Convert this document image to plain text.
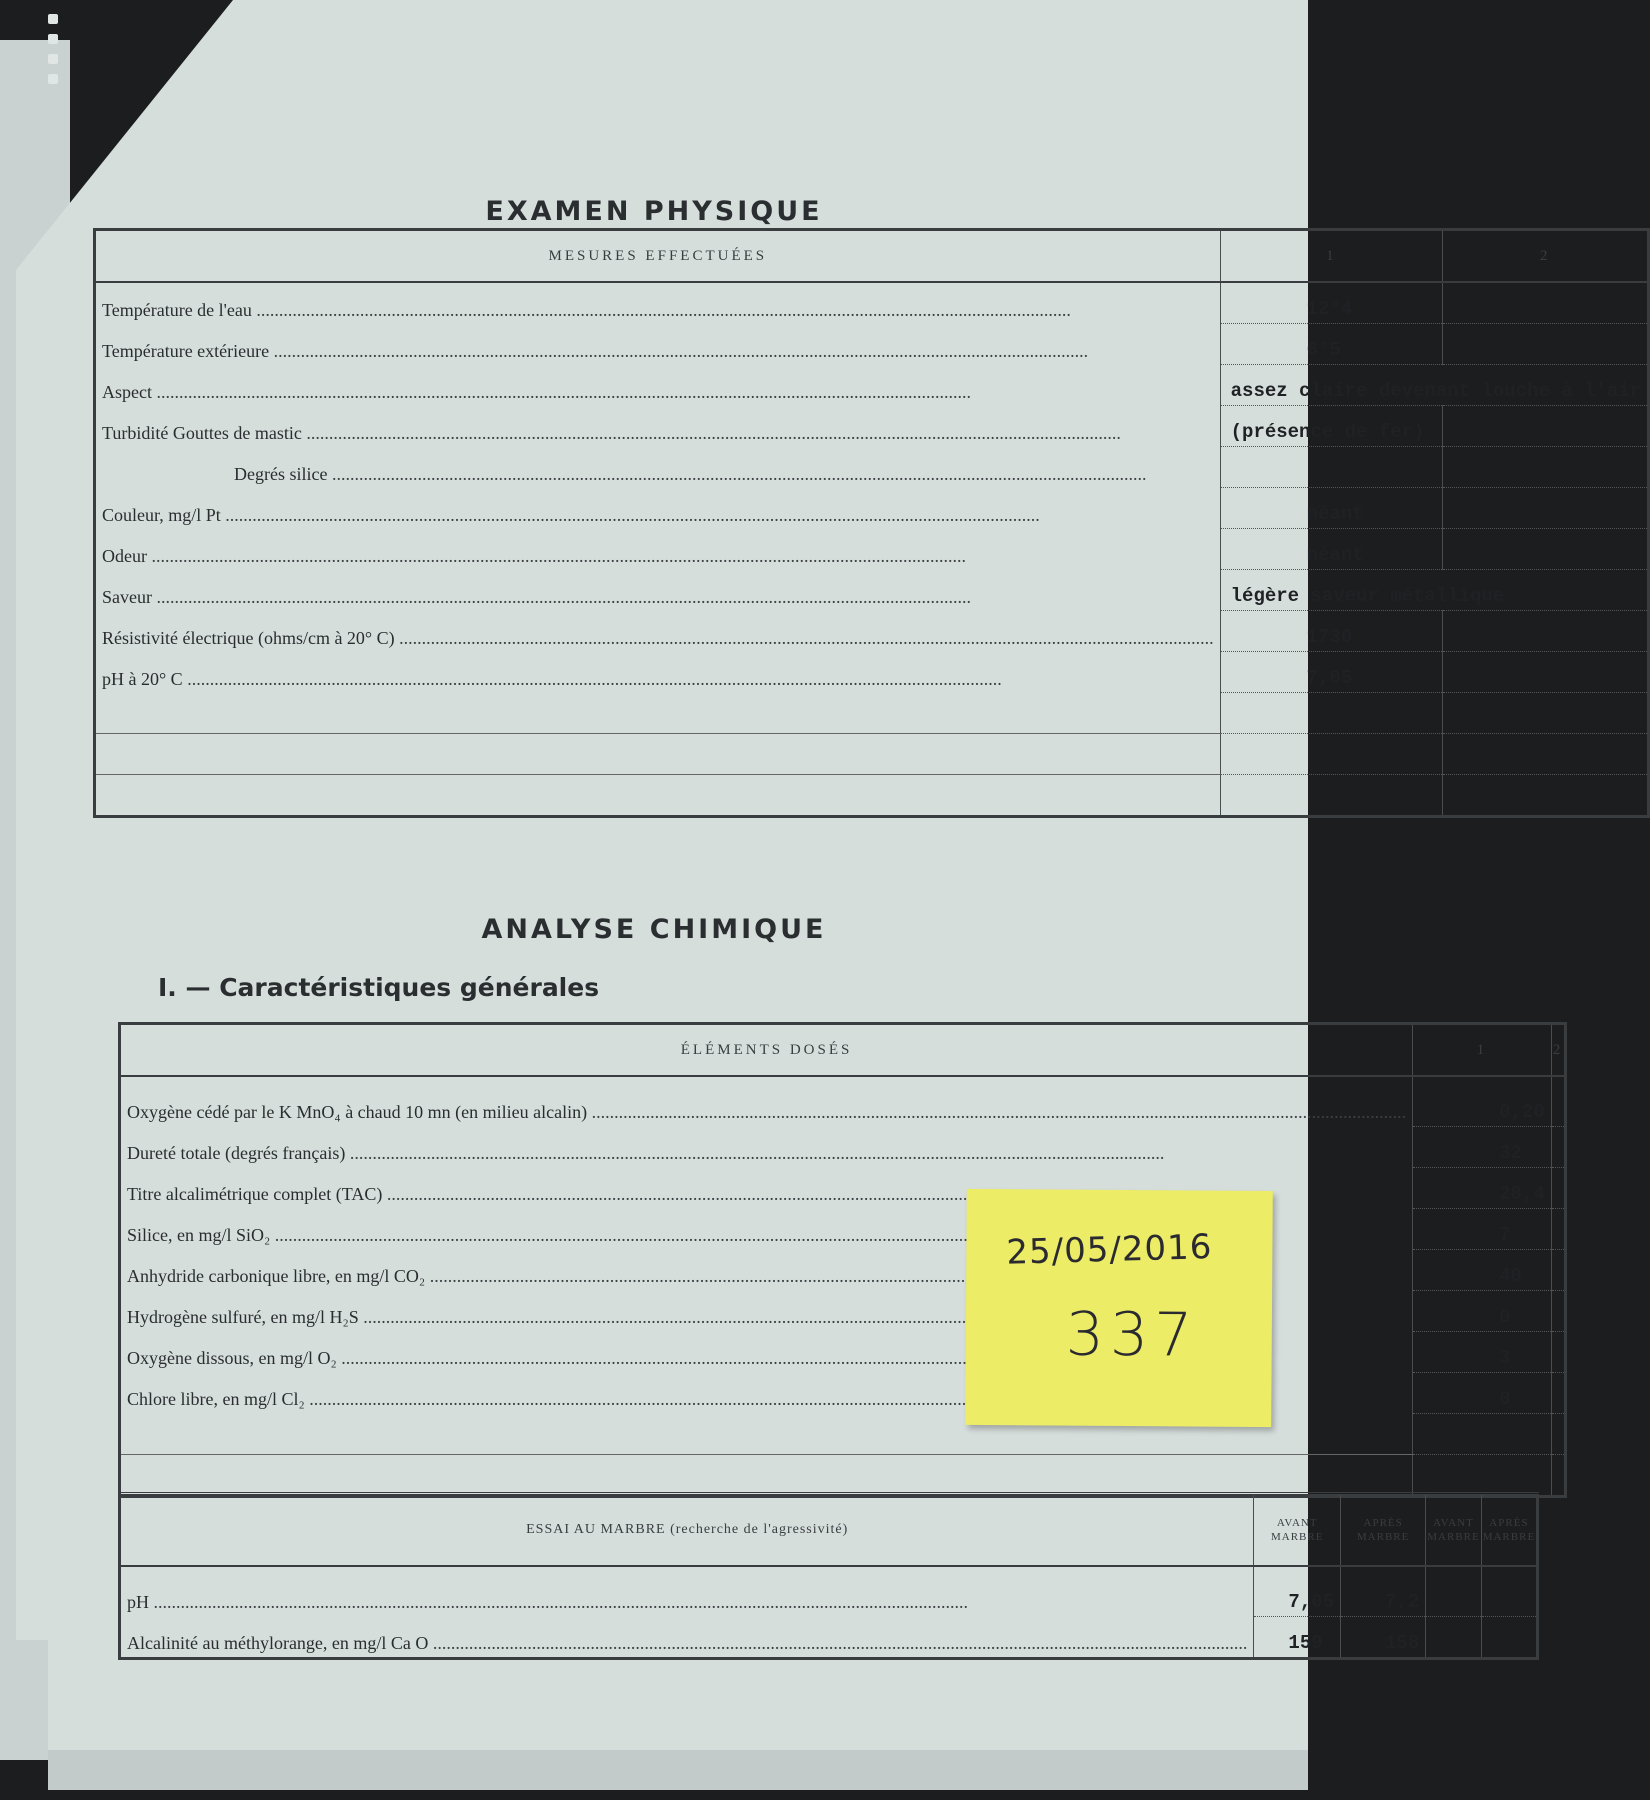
EXAMEN PHYSIQUE
MESURES EFFECTUÉES	1	2

Température de l'eau .....	12°4	

Température extérieure .....	6°5	

Aspect .....	assez claire devenant louche à l'air	

Turbidité Gouttes de mastic .....	(présence de fer)	

Degrés silice .....

Couleur, mg/l Pt .....	néant	

Odeur .....	néant	

Saveur .....	légère saveur métallique	

Résistivité électrique (ohms/cm à 20° C) .....	1730	

pH à 20° C .....	7,05	

ANALYSE CHIMIQUE
I. — Caractéristiques générales
ÉLÉMENTS DOSÉS	1	2

Oxygène cédé par le K MnO₄ à chaud 10 mn (en milieu alcalin) .....	0,20	

Dureté totale (degrés français) .....	32	

Titre alcalimétrique complet (TAC) .....	28,4	

Silice, en mg/l SiO₂ .....	7	

Anhydride carbonique libre, en mg/l CO₂ .....	40	

Hydrogène sulfuré, en mg/l H₂S .....	0	

Oxygène dissous, en mg/l O₂ .....	3	

Chlore libre, en mg/l Cl₂ .....	0	

ESSAI AU MARBRE (recherche de l'agressivité)	AVANT MARBRE	APRÈS MARBRE	AVANT MARBRE	APRÈS MARBRE

pH .....	7,05	7,2		

Alcalinité au méthylorange, en mg/l Ca O .....	159	158		
25/05/2016
337
